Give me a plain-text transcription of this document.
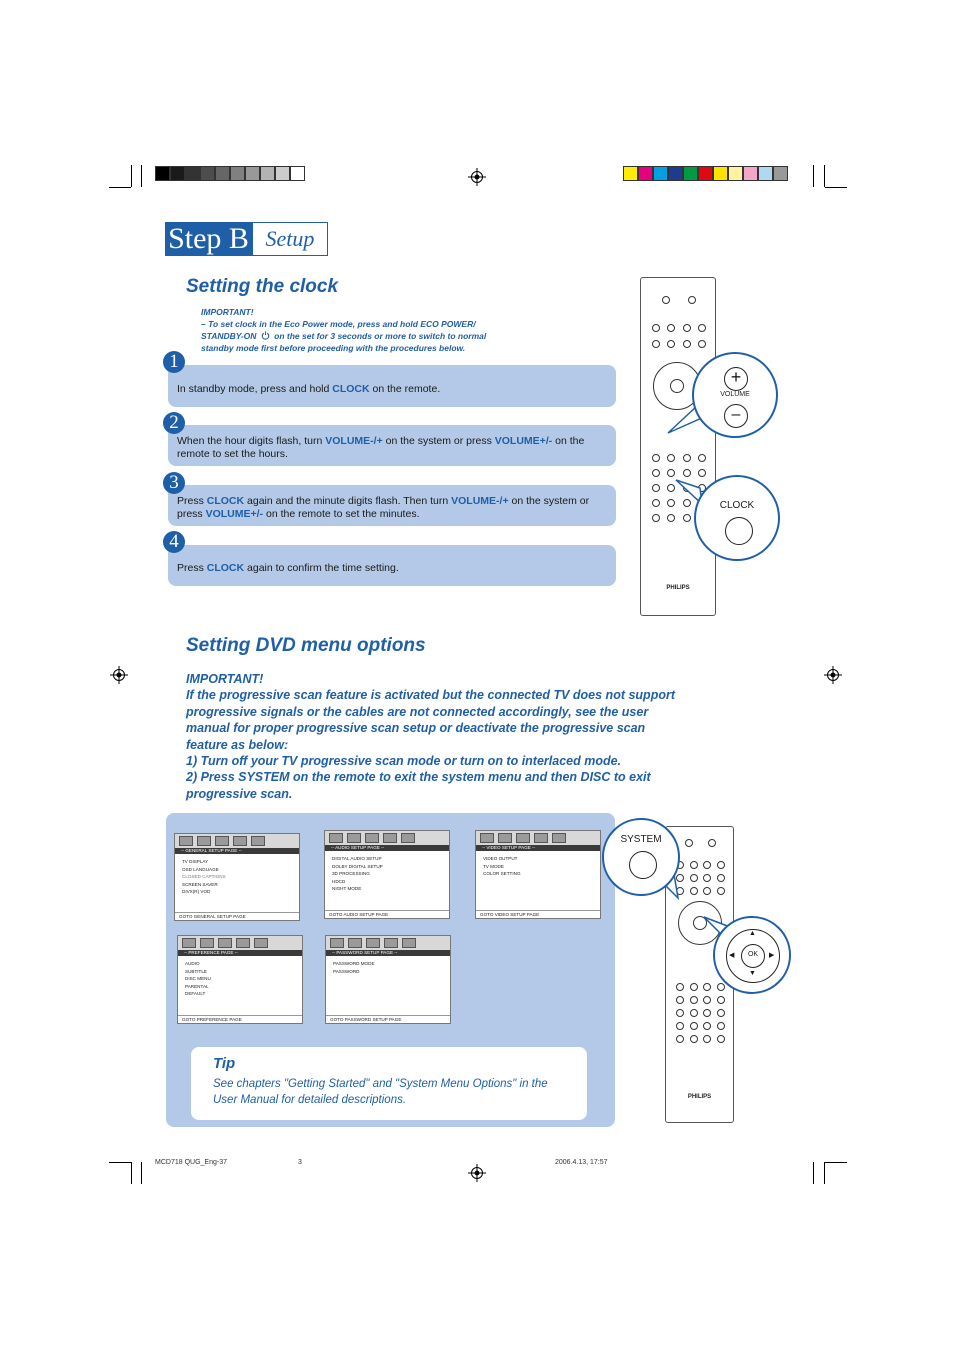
Step B Setup
Setting the clock
IMPORTANT!
– To set clock in the Eco Power mode, press and hold ECO POWER/
STANDBY-ON on the set for 3 seconds or more to switch to normal
standby mode first before proceeding with the procedures below.
In standby mode, press and hold CLOCK on the remote.
1
When the hour digits flash, turn VOLUME-/+ on the system or press VOLUME+/- on the remote to set the hours.
2
Press CLOCK again and the minute digits flash. Then turn VOLUME-/+ on the system or press VOLUME+/- on the remote to set the minutes.
3
Press CLOCK again to confirm the time setting.
4
PHILIPS
+
VOLUME
–
CLOCK
Setting DVD menu options
IMPORTANT!
If the progressive scan feature is activated but the connected TV does not support
progressive signals or the cables are not connected accordingly, see the user
manual for proper progressive scan setup or deactivate the progressive scan
feature as below:
1) Turn off your TV progressive scan mode or turn on to interlaced mode.
2) Press SYSTEM on the remote to exit the system menu and then DISC to exit
progressive scan.
-- GENERAL SETUP PAGE --
TV DISPLAY
OSD LANGUAGE
CLOSED CAPTIONS
SCREEN SAVER
DIVX(R) VOD
GOTO GENERAL SETUP PAGE
-- AUDIO SETUP PAGE --
DIGITAL AUDIO SETUP
DOLBY DIGITAL SETUP
3D PROCESSING
HDCD
NIGHT MODE
GOTO AUDIO SETUP PAGE
-- VIDEO SETUP PAGE --
VIDEO OUTPUT
TV MODE
COLOR SETTING
GOTO VIDEO SETUP PAGE
-- PREFERENCE PAGE --
AUDIO
SUBTITLE
DISC MENU
PARENTAL
DEFAULT
GOTO PREFERENCE PAGE
-- PASSWORD SETUP PAGE --
PASSWORD MODE
PASSWORD
GOTO PASSWORD SETUP PAGE
Tip
See chapters "Getting Started" and "System Menu Options" in the
User Manual for detailed descriptions.	PHILIPS
SYSTEM
OK
▲
▼
◀	▶
MCD718 QUG_Eng-37	3	2006.4.13, 17:57
